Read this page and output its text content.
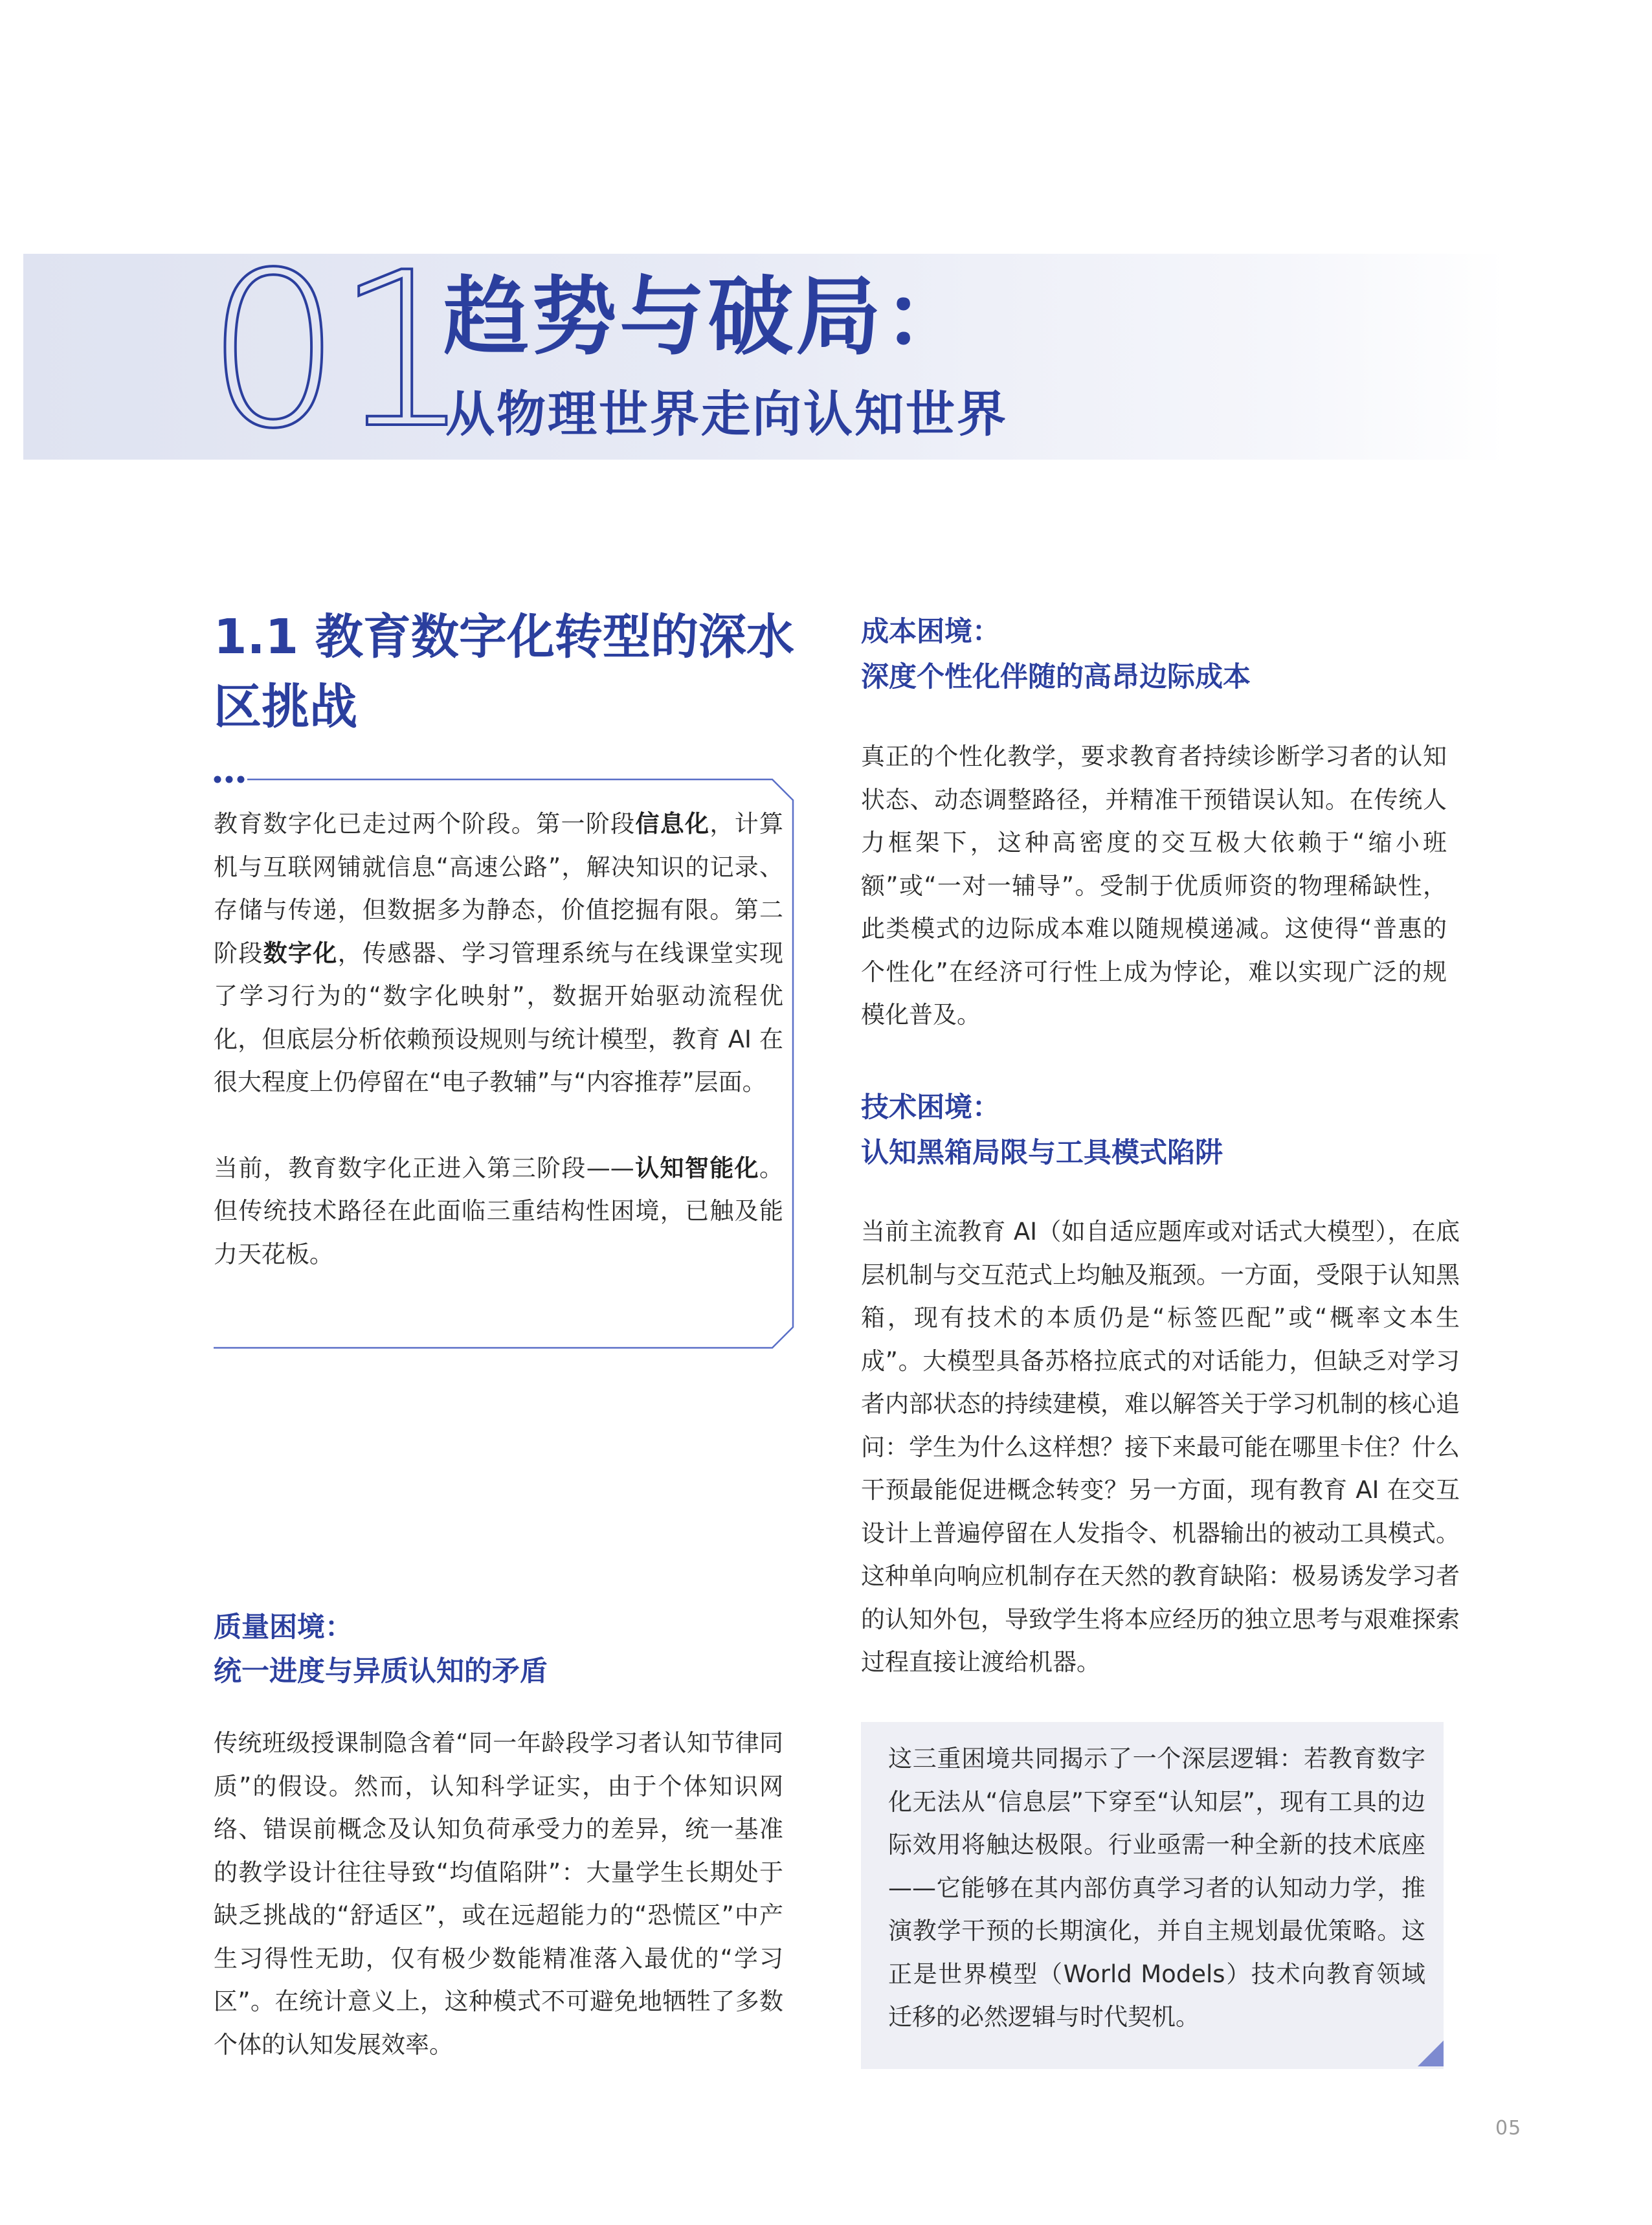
01
趋势与破局：
从物理世界走向认知世界
1.1 教育数字化转型的深水区挑战

教育数字化已走过两个阶段。第一阶段信息化，计算机与互联网铺就信息“高速公路”，解决知识的记录、存储与传递，但数据多为静态，价值挖掘有限。第二阶段数字化，传感器、学习管理系统与在线课堂实现了学习行为的“数字化映射”，数据开始驱动流程优化，但底层分析依赖预设规则与统计模型，教育 AI 在很大程度上仍停留在“电子教辅”与“内容推荐”层面。

当前，教育数字化正进入第三阶段——认知智能化。但传统技术路径在此面临三重结构性困境，已触及能力天花板。

质量困境：
统一进度与异质认知的矛盾

传统班级授课制隐含着“同一年龄段学习者认知节律同质”的假设。然而，认知科学证实，由于个体知识网络、错误前概念及认知负荷承受力的差异，统一基准的教学设计往往导致“均值陷阱”：大量学生长期处于缺乏挑战的“舒适区”，或在远超能力的“恐慌区”中产生习得性无助，仅有极少数能精准落入最优的“学习区”。在统计意义上，这种模式不可避免地牺牲了多数个体的认知发展效率。

成本困境：
深度个性化伴随的高昂边际成本

真正的个性化教学，要求教育者持续诊断学习者的认知状态、动态调整路径，并精准干预错误认知。在传统人力框架下，这种高密度的交互极大依赖于“缩小班额”或“一对一辅导”。受制于优质师资的物理稀缺性，此类模式的边际成本难以随规模递减。这使得“普惠的个性化”在经济可行性上成为悖论，难以实现广泛的规模化普及。

技术困境：
认知黑箱局限与工具模式陷阱

当前主流教育 AI（如自适应题库或对话式大模型），在底层机制与交互范式上均触及瓶颈。一方面，受限于认知黑箱，现有技术的本质仍是“标签匹配”或“概率文本生成”。大模型具备苏格拉底式的对话能力，但缺乏对学习者内部状态的持续建模，难以解答关于学习机制的核心追问：学生为什么这样想？接下来最可能在哪里卡住？什么干预最能促进概念转变？另一方面，现有教育 AI 在交互设计上普遍停留在人发指令、机器输出的被动工具模式。这种单向响应机制存在天然的教育缺陷：极易诱发学习者的认知外包，导致学生将本应经历的独立思考与艰难探索过程直接让渡给机器。

这三重困境共同揭示了一个深层逻辑：若教育数字化无法从“信息层”下穿至“认知层”，现有工具的边际效用将触达极限。行业亟需一种全新的技术底座——它能够在其内部仿真学习者的认知动力学，推演教学干预的长期演化，并自主规划最优策略。这正是世界模型（World Models）技术向教育领域迁移的必然逻辑与时代契机。

05
